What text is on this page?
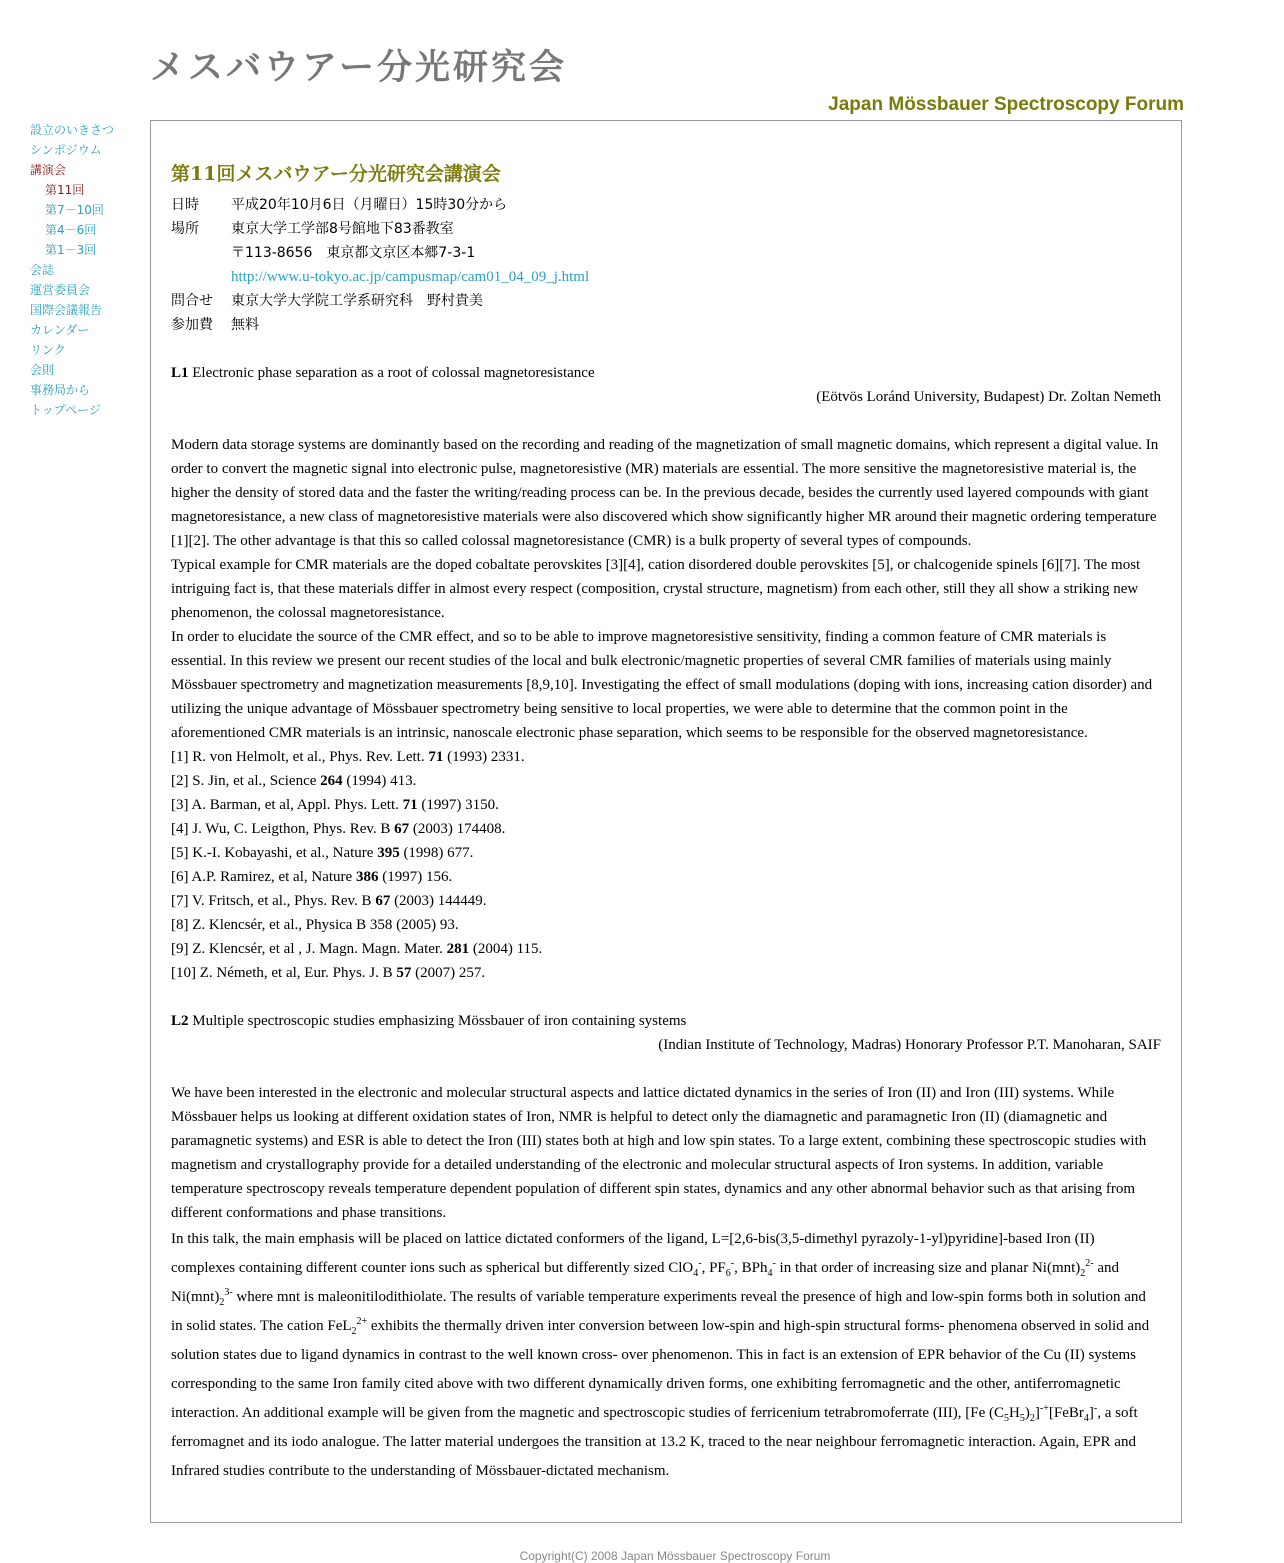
メスバウアー分光研究会
Japan Mössbauer Spectroscopy Forum
設立のいきさつ
シンポジウム
講演会
第11回
第7－10回
第4－6回
第1－3回
会誌
運営委員会
国際会議報告
カレンダー
リンク
会則
事務局から
トップページ
第11回メスバウアー分光研究会講演会
日時	平成20年10月6日（月曜日）15時30分から
場所	東京大学工学部8号館地下83番教室
	〒113-8656　東京都文京区本郷7-3-1
	http://www.u-tokyo.ac.jp/campusmap/cam01_04_09_j.html
問合せ	東京大学大学院工学系研究科　野村貴美
参加費	無料

L1 Electronic phase separation as a root of colossal magnetoresistance

(Eötvös Loránd University, Budapest) Dr. Zoltan Nemeth

Modern data storage systems are dominantly based on the recording and reading of the magnetization of small magnetic domains, which represent a digital value. In order to convert the magnetic signal into electronic pulse, magnetoresistive (MR) materials are essential. The more sensitive the magnetoresistive material is, the higher the density of stored data and the faster the writing/reading process can be. In the previous decade, besides the currently used layered compounds with giant magnetoresistance, a new class of magnetoresistive materials were also discovered which show significantly higher MR around their magnetic ordering temperature [1][2]. The other advantage is that this so called colossal magnetoresistance (CMR) is a bulk property of several types of compounds.

Typical example for CMR materials are the doped cobaltate perovskites [3][4], cation disordered double perovskites [5], or chalcogenide spinels [6][7]. The most intriguing fact is, that these materials differ in almost every respect (composition, crystal structure, magnetism) from each other, still they all show a striking new phenomenon, the colossal magnetoresistance.

In order to elucidate the source of the CMR effect, and so to be able to improve magnetoresistive sensitivity, finding a common feature of CMR materials is essential. In this review we present our recent studies of the local and bulk electronic/magnetic properties of several CMR families of materials using mainly Mössbauer spectrometry and magnetization measurements [8,9,10]. Investigating the effect of small modulations (doping with ions, increasing cation disorder) and utilizing the unique advantage of Mössbauer spectrometry being sensitive to local properties, we were able to determine that the common point in the aforementioned CMR materials is an intrinsic, nanoscale electronic phase separation, which seems to be responsible for the observed magnetoresistance.

[1] R. von Helmolt, et al., Phys. Rev. Lett. 71 (1993) 2331.

[2] S. Jin, et al., Science 264 (1994) 413.

[3] A. Barman, et al, Appl. Phys. Lett. 71 (1997) 3150.

[4] J. Wu, C. Leigthon, Phys. Rev. B 67 (2003) 174408.

[5] K.-I. Kobayashi, et al., Nature 395 (1998) 677.

[6] A.P. Ramirez, et al, Nature 386 (1997) 156.

[7] V. Fritsch, et al., Phys. Rev. B 67 (2003) 144449.

[8] Z. Klencsér, et al., Physica B 358 (2005) 93.

[9] Z. Klencsér, et al , J. Magn. Magn. Mater. 281 (2004) 115.

[10] Z. Németh, et al, Eur. Phys. J. B 57 (2007) 257.

L2 Multiple spectroscopic studies emphasizing Mössbauer of iron containing systems

(Indian Institute of Technology, Madras) Honorary Professor P.T. Manoharan, SAIF

We have been interested in the electronic and molecular structural aspects and lattice dictated dynamics in the series of Iron (II) and Iron (III) systems. While Mössbauer helps us looking at different oxidation states of Iron, NMR is helpful to detect only the diamagnetic and paramagnetic Iron (II) (diamagnetic and paramagnetic systems) and ESR is able to detect the Iron (III) states both at high and low spin states. To a large extent, combining these spectroscopic studies with magnetism and crystallography provide for a detailed understanding of the electronic and molecular structural aspects of Iron systems. In addition, variable temperature spectroscopy reveals temperature dependent population of different spin states, dynamics and any other abnormal behavior such as that arising from different conformations and phase transitions.

In this talk, the main emphasis will be placed on lattice dictated conformers of the ligand, L=[2,6-bis(3,5-dimethyl pyrazoly-1-yl)pyridine]-based Iron (II) complexes containing different counter ions such as spherical but differently sized ClO$_4$-, $PF_6^-$, BPh$_4$- in that order of increasing size and planar $Ni(mnt)_2^{2-}$ and $Ni(mnt)_2^{3-}$ where mnt is maleonitilodithiolate. The results of variable temperature experiments reveal the presence of high and low-spin forms both in solution and in solid states. The cation FeL$_2^{2+}$ exhibits the thermally driven inter conversion between low-spin and high-spin structural forms- phenomena observed in solid and solution states due to ligand dynamics in contrast to the well known cross- over phenomenon. This in fact is an extension of EPR behavior of the Cu (II) systems corresponding to the same Iron family cited above with two different dynamically driven forms, one exhibiting ferromagnetic and the other, antiferromagnetic interaction. An additional example will be given from the magnetic and spectroscopic studies of ferricenium tetrabromoferrate (III), [Fe $(C_5H_5)_2]^{-+}[FeBr_4]^-$, a soft ferromagnet and its iodo analogue. The latter material undergoes the transition at 13.2 K, traced to the near neighbour ferromagnetic interaction. Again, EPR and Infrared studies contribute to the understanding of Mössbauer-dictated mechanism.

Copyright(C) 2008 Japan Mössbauer Spectroscopy Forum
